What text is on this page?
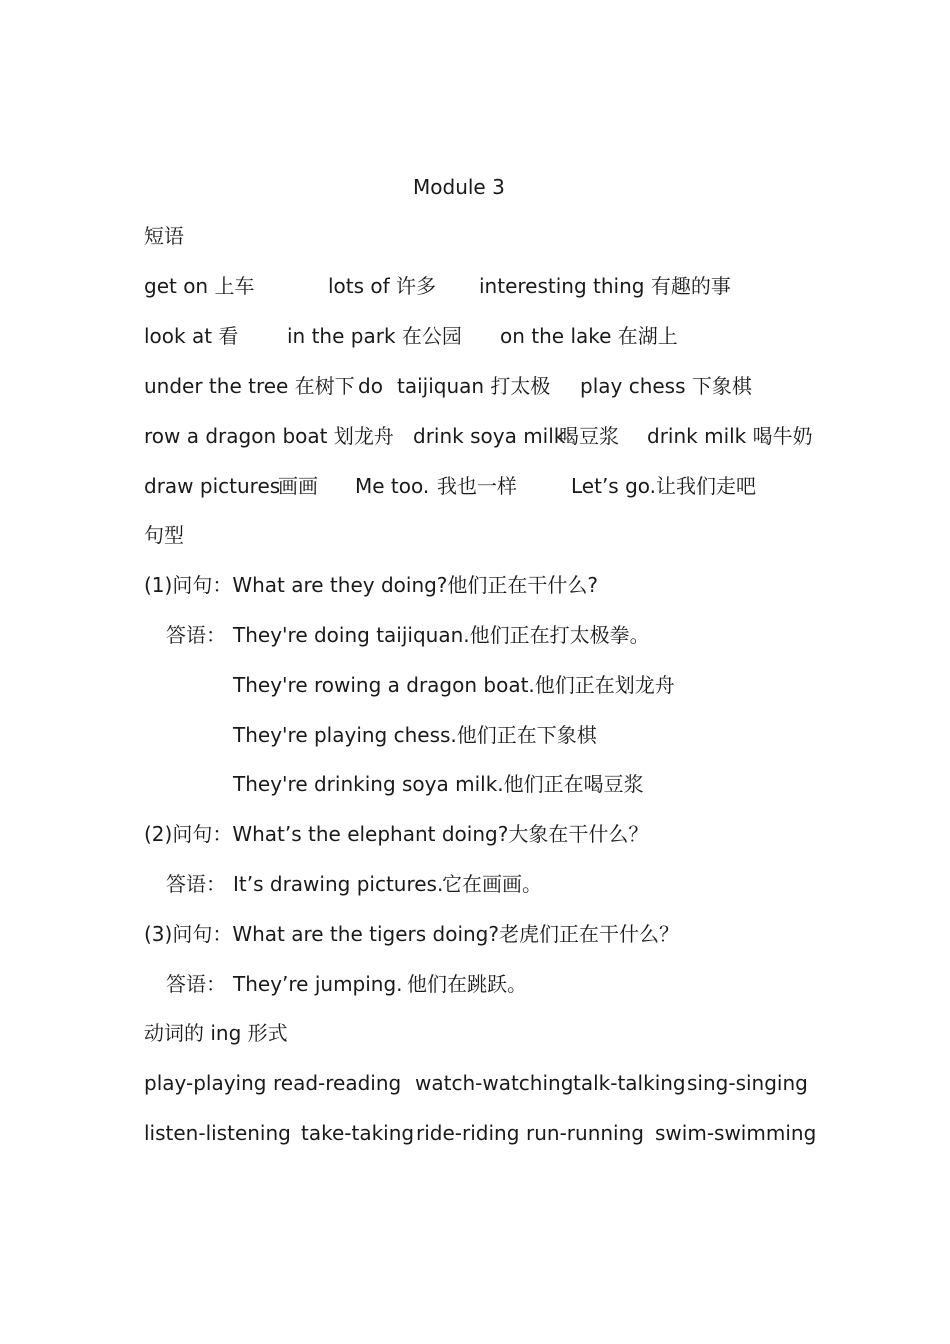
Module 3
短语
get on 上车	lots of 许多 interesting thing 有趣的事
look at 看 in the park 在公园 on the lake 在湖上
under the tree 在树下 do taijiquan 打太极 play chess 下象棋
row a dragon boat 划龙舟 drink soya milk
喝豆浆 drink milk 喝牛奶
draw pictures
画画 Me too. 我也一样	Let’s go.让我们走吧
句型
(1)问句：What are they doing?他们正在干什么?
答语： They're doing taijiquan.他们正在打太极拳。
They're rowing a dragon boat.他们正在划龙舟
They're playing chess.他们正在下象棋
They're drinking soya milk.他们正在喝豆浆
(2)问句：What’s the elephant doing?大象在干什么？
答语： It’s drawing pictures.
它在画画。
(3)问句：What are the tigers doing?老虎们正在干什么？
答语： They’re jumping. 他们在跳跃。
动词的 ing 形式
play-playing read-reading watch-watching talk-talking sing-singing
listen-listening take-taking ride-riding run-running swim-swimming
